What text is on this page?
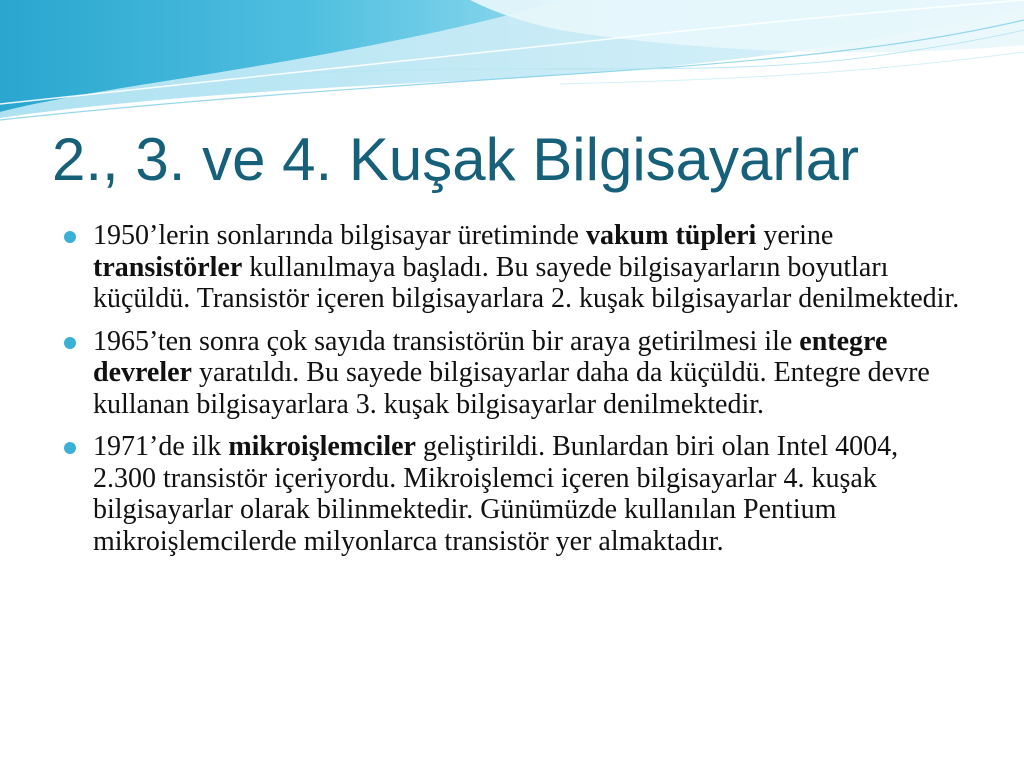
2., 3. ve 4. Kuşak Bilgisayarlar
1950’lerin sonlarında bilgisayar üretiminde vakum tüpleri yerine transistörler kullanılmaya başladı. Bu sayede bilgisayarların boyutları küçüldü. Transistör içeren bilgisayarlara 2. kuşak bilgisayarlar denilmektedir.
1965’ten sonra çok sayıda transistörün bir araya getirilmesi ile entegre devreler yaratıldı. Bu sayede bilgisayarlar daha da küçüldü. Entegre devre kullanan bilgisayarlara 3. kuşak bilgisayarlar denilmektedir.
1971’de ilk mikroişlemciler geliştirildi. Bunlardan biri olan Intel 4004, 2.300 transistör içeriyordu. Mikroişlemci içeren bilgisayarlar 4. kuşak bilgisayarlar olarak bilinmektedir. Günümüzde kullanılan Pentium mikroişlemcilerde milyonlarca transistör yer almaktadır.
